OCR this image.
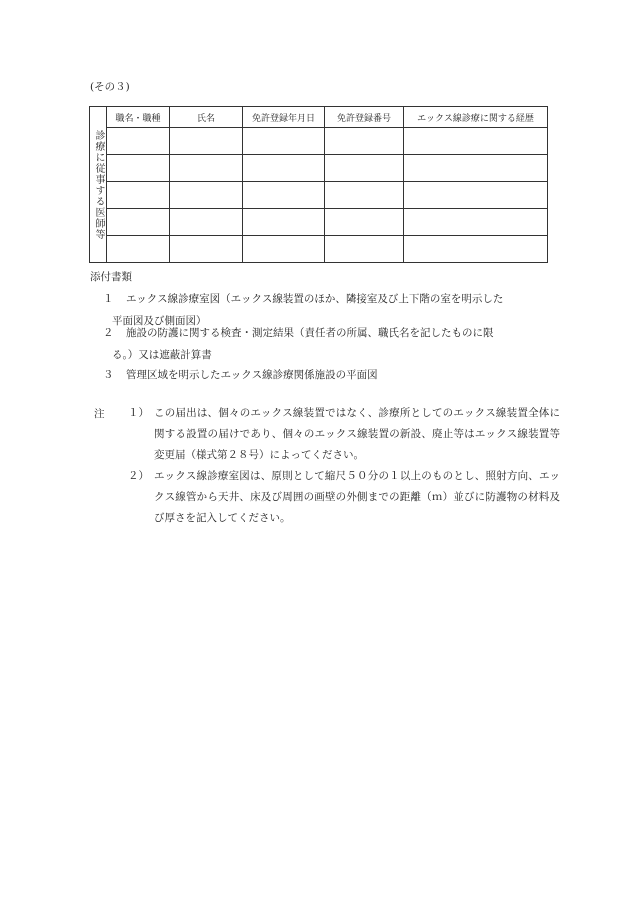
(その３)
診療に従事する医師等	職名・職種	氏名	免許登録年月日	免許登録番号	エックス線診療に関する経歴

添付書類
１ エックス線診療室図（エックス線装置のほか、隣接室及び上下階の室を明示した
平面図及び側面図）
２ 施設の防護に関する検査・測定結果（責任者の所属、職氏名を記したものに限
る。）又は遮蔽計算書
３ 管理区域を明示したエックス線診療関係施設の平面図
注 １） この届出は、個々のエックス線装置ではなく、診療所としてのエックス線装置全体に関する設置の届けであり、個々のエックス線装置の新設、廃止等はエックス線装置等変更届（様式第２８号）によってください。
２） エックス線診療室図は、原則として縮尺５０分の１以上のものとし、照射方向、エックス線管から天井、床及び周囲の画壁の外側までの距離（ｍ）並びに防護物の材料及び厚さを記入してください。
